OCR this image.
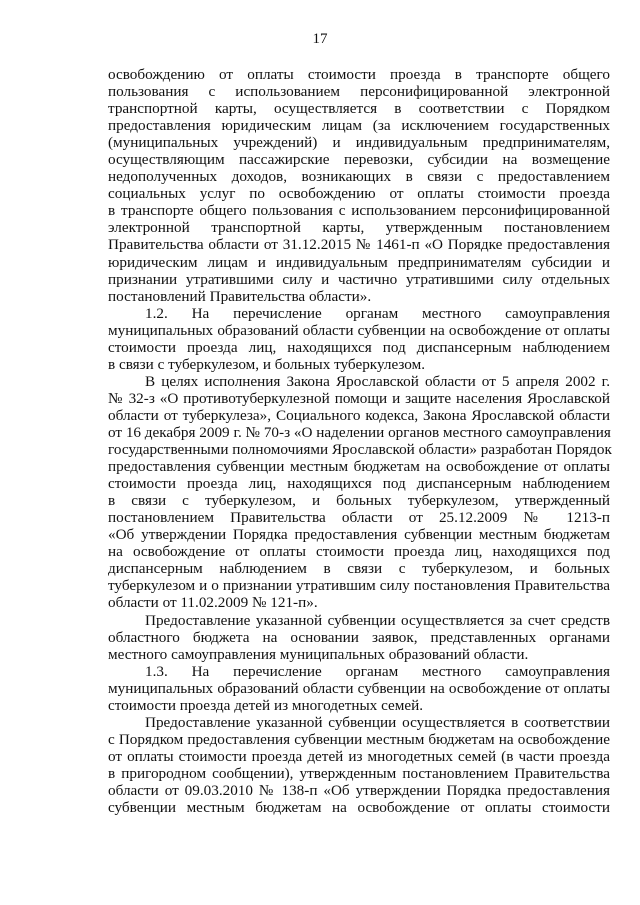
17
освобождению от оплаты стоимости проезда в транспорте общего
пользования с использованием персонифицированной электронной
транспортной карты, осуществляется в соответствии с Порядком
предоставления юридическим лицам (за исключением государственных
(муниципальных учреждений) и индивидуальным предпринимателям,
осуществляющим пассажирские перевозки, субсидии на возмещение
недополученных доходов, возникающих в связи с предоставлением
социальных услуг по освобождению от оплаты стоимости проезда
в транспорте общего пользования с использованием персонифицированной
электронной транспортной карты, утвержденным постановлением
Правительства области от 31.12.2015 № 1461-п «О Порядке предоставления
юридическим лицам и индивидуальным предпринимателям субсидии и
признании утратившими силу и частично утратившими силу отдельных
постановлений Правительства области».
1.2. На перечисление органам местного самоуправления
муниципальных образований области субвенции на освобождение от оплаты
стоимости проезда лиц, находящихся под диспансерным наблюдением
в связи с туберкулезом, и больных туберкулезом.
В целях исполнения Закона Ярославской области от 5 апреля 2002 г.
№ 32-з «О противотуберкулезной помощи и защите населения Ярославской
области от туберкулеза», Социального кодекса, Закона Ярославской области
от 16 декабря 2009 г. № 70-з «О наделении органов местного самоуправления
государственными полномочиями Ярославской области» разработан Порядок
предоставления субвенции местным бюджетам на освобождение от оплаты
стоимости проезда лиц, находящихся под диспансерным наблюдением
в связи с туберкулезом, и больных туберкулезом, утвержденный
постановлением Правительства области от 25.12.2009 № 1213-п
«Об утверждении Порядка предоставления субвенции местным бюджетам
на освобождение от оплаты стоимости проезда лиц, находящихся под
диспансерным наблюдением в связи с туберкулезом, и больных
туберкулезом и о признании утратившим силу постановления Правительства
области от 11.02.2009 № 121-п».
Предоставление указанной субвенции осуществляется за счет средств
областного бюджета на основании заявок, представленных органами
местного самоуправления муниципальных образований области.
1.3. На перечисление органам местного самоуправления
муниципальных образований области субвенции на освобождение от оплаты
стоимости проезда детей из многодетных семей.
Предоставление указанной субвенции осуществляется в соответствии
с Порядком предоставления субвенции местным бюджетам на освобождение
от оплаты стоимости проезда детей из многодетных семей (в части проезда
в пригородном сообщении), утвержденным постановлением Правительства
области от 09.03.2010 № 138-п «Об утверждении Порядка предоставления
субвенции местным бюджетам на освобождение от оплаты стоимости
